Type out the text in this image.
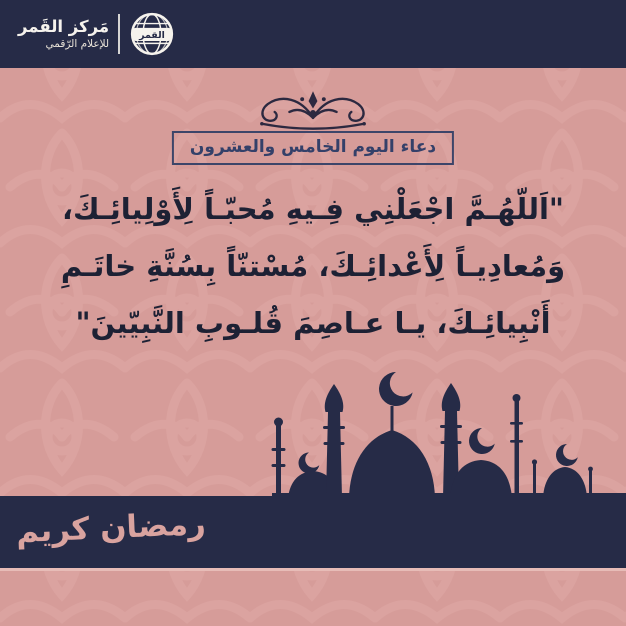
مَركز القَمر
للإعلام الرّقمي
القمر
دعاء اليوم الخامس والعشرون
"اَللّهُـمَّ اجْعَلْنِي فِـيهِ مُحبّـاً لِأَوْلِيائِـكَ،
وَمُعادِيـاً لِأَعْدائِـكَ، مُسْتنّاً بِسُنَّةِ خاتَـمِ
أَنْبِيائِـكَ، يـا عـاصِمَ قُلـوبِ النَّبِيّينَ"
رمضان كريم
